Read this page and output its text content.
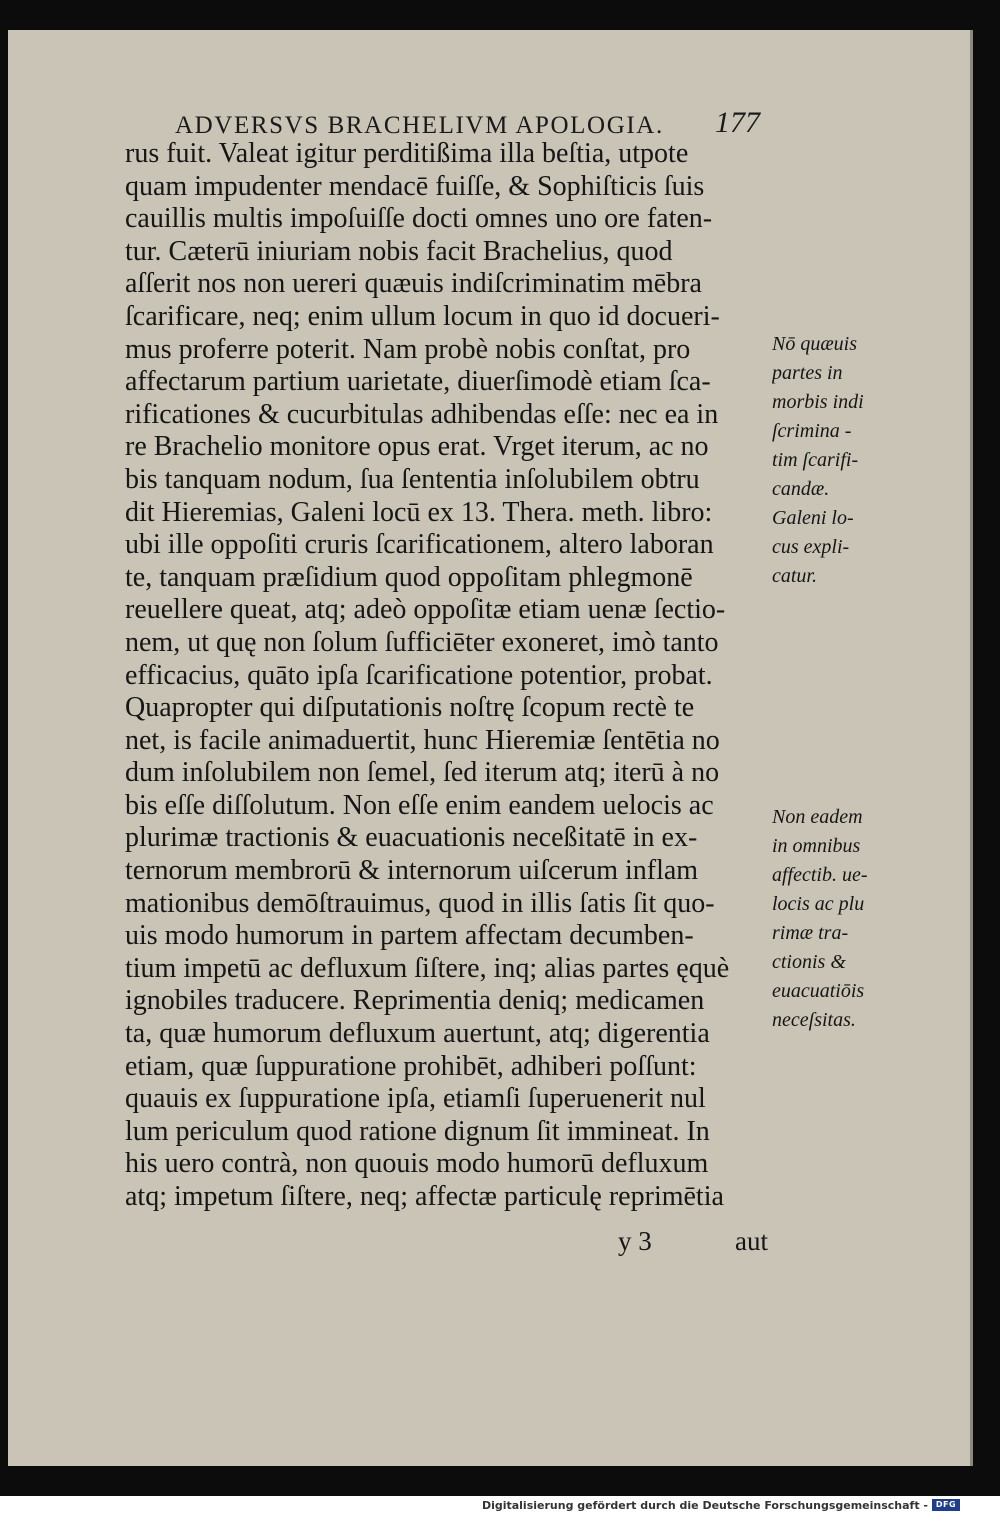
ADVERSVS BRACHELIVM APOLOGIA. 177
rus fuit. Valeat igitur perditißima illa beſtia, utpote
quam impudenter mendacē fuiſſe, & Sophiſticis ſuis
cauillis multis impoſuiſſe docti omnes uno ore faten-
tur. Cæterū iniuriam nobis facit Brachelius, quod
aſſerit nos non uereri quæuis indiſcriminatim mēbra
ſcarificare, neq; enim ullum locum in quo id docueri-
mus proferre poterit. Nam probè nobis conſtat, pro
affectarum partium uarietate, diuerſimodè etiam ſca-
rificationes & cucurbitulas adhibendas eſſe: nec ea in
re Brachelio monitore opus erat. Vrget iterum, ac no
bis tanquam nodum, ſua ſententia inſolubilem obtru
dit Hieremias, Galeni locū ex 13. Thera. meth. libro:
ubi ille oppoſiti cruris ſcarificationem, altero laboran
te, tanquam præſidium quod oppoſitam phlegmonē
reuellere queat, atq; adeò oppoſitæ etiam uenæ ſectio-
nem, ut quę non ſolum ſufficiēter exoneret, imò tanto
efficacius, quāto ipſa ſcarificatione potentior, probat.
Quapropter qui diſputationis noſtrę ſcopum rectè te
net, is facile animaduertit, hunc Hieremiæ ſentētia no
dum inſolubilem non ſemel, ſed iterum atq; iterū à no
bis eſſe diſſolutum. Non eſſe enim eandem uelocis ac
plurimæ tractionis & euacuationis neceßitatē in ex-
ternorum membrorū & internorum uiſcerum inflam
mationibus demōſtrauimus, quod in illis ſatis ſit quo-
uis modo humorum in partem affectam decumben-
tium impetū ac defluxum ſiſtere, inq; alias partes ęquè
ignobiles traducere. Reprimentia deniq; medicamen
ta, quæ humorum defluxum auertunt, atq; digerentia
etiam, quæ ſuppuratione prohibēt, adhiberi poſſunt:
quauis ex ſuppuratione ipſa, etiamſi ſuperuenerit nul
lum periculum quod ratione dignum ſit immineat. In
his uero contrà, non quouis modo humorū defluxum
atq; impetum ſiſtere, neq; affectæ particulę reprimētia
Nō quæuis
partes in
morbis indi
ſcrimina -
tim ſcarifi-
candæ.
Galeni lo-
cus expli-
catur.
Non eadem
in omnibus
affectib. ue-
locis ac plu
rimæ tra-
ctionis &
euacuatiōis
neceſsitas.
y 3	aut
Digitalisierung gefördert durch die Deutsche Forschungsgemeinschaft - DFG
